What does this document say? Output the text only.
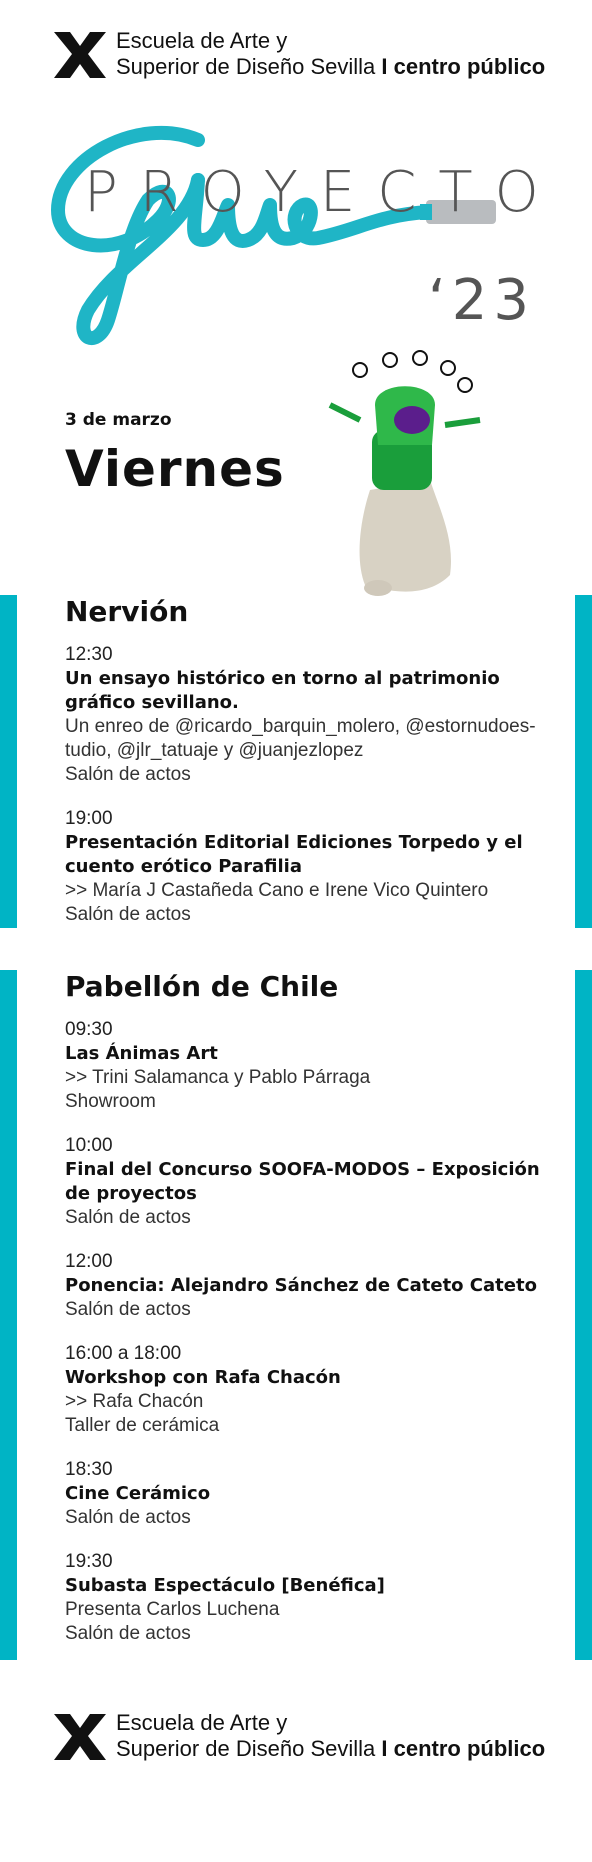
Escuela de Arte y
Superior de Diseño Sevilla I centro público
PROYECTO
‘23
3 de marzo
Viernes
Nervión
12:30
Un ensayo histórico en torno al patrimonio gráfico sevillano.
Un enreo de @ricardo_barquin_molero, @estornudoes-tudio, @jlr_tatuaje y @juanjezlopez
Salón de actos
19:00
Presentación Editorial Ediciones Torpedo y el cuento erótico Parafilia
>> María J Castañeda Cano e Irene Vico Quintero
Salón de actos
Pabellón de Chile
09:30
Las Ánimas Art
>> Trini Salamanca y Pablo Párraga
Showroom
10:00
Final del Concurso SOOFA-MODOS – Exposición de proyectos
Salón de actos
12:00
Ponencia: Alejandro Sánchez de Cateto Cateto
Salón de actos
16:00 a 18:00
Workshop con Rafa Chacón
>> Rafa Chacón
Taller de cerámica
18:30
Cine Cerámico
Salón de actos
19:30
Subasta Espectáculo [Benéfica]
Presenta Carlos Luchena
Salón de actos
Escuela de Arte y
Superior de Diseño Sevilla I centro público
